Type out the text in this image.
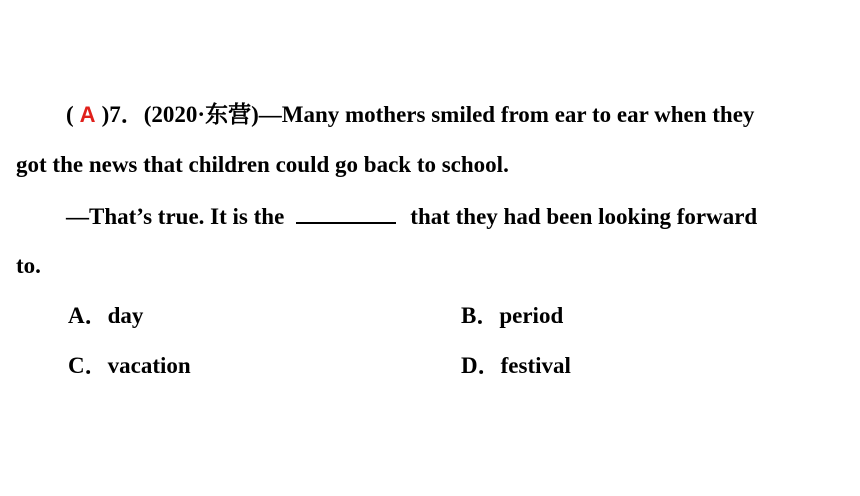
( A )7．(2020·东营)—Many mothers smiled from ear to ear when they
got the news that children could go back to school.
—That’s true. It is the	that they had been looking forward
to.
A．day	B．period
C．vacation	D．festival
